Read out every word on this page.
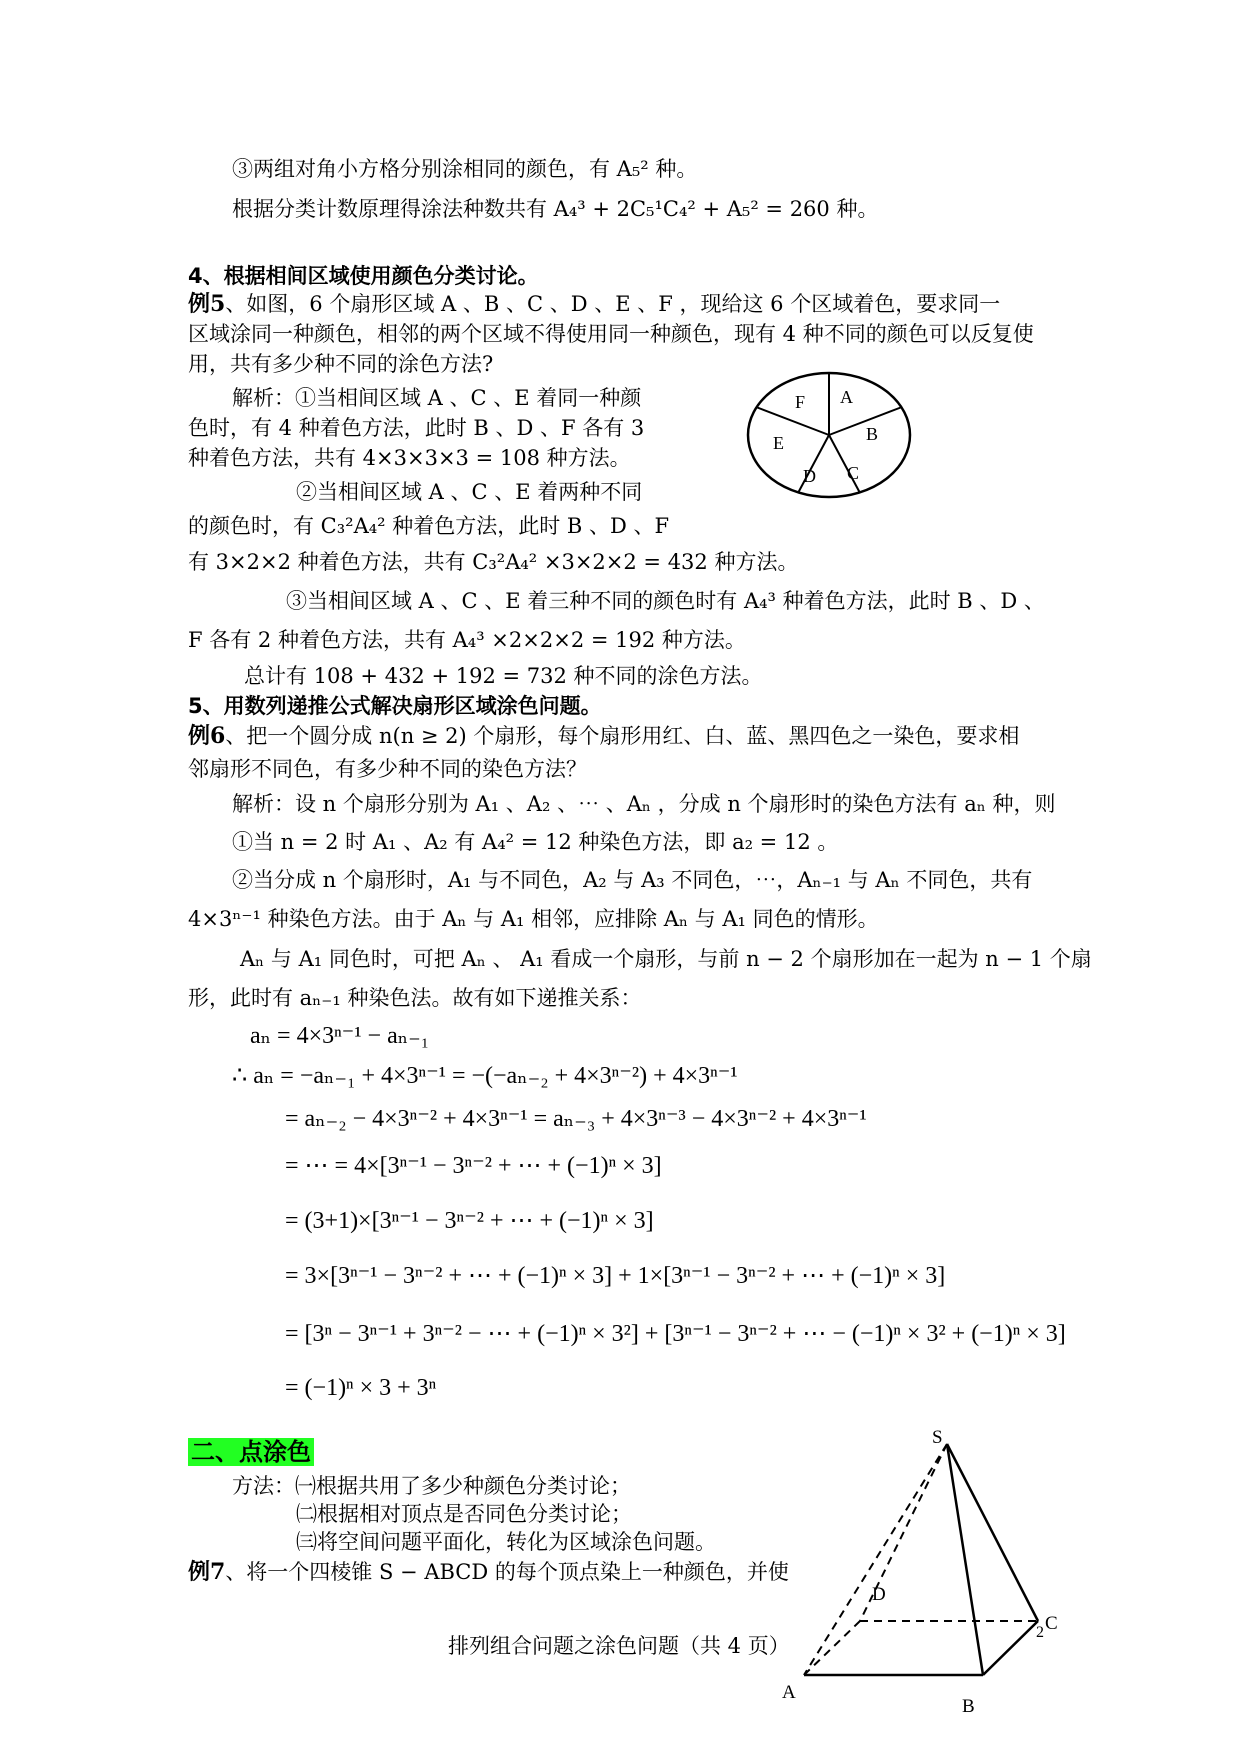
③两组对角小方格分别涂相同的颜色，有 A₅² 种。
根据分类计数原理得涂法种数共有 A₄³ + 2C₅¹C₄² + A₅² = 260 种。
4、根据相间区域使用颜色分类讨论。
例5、如图，6 个扇形区域 A 、B 、C 、D 、E 、F ，现给这 6 个区域着色，要求同一
区域涂同一种颜色，相邻的两个区域不得使用同一种颜色，现有 4 种不同的颜色可以反复使
用，共有多少种不同的涂色方法?
解析：①当相间区域 A 、C 、E 着同一种颜
色时，有 4 种着色方法，此时 B 、D 、F 各有 3
种着色方法，共有 4×3×3×3 = 108 种方法。
②当相间区域 A 、C 、E 着两种不同
的颜色时，有 C₃²A₄² 种着色方法，此时 B 、D 、F
有 3×2×2 种着色方法，共有 C₃²A₄² ×3×2×2 = 432 种方法。
③当相间区域 A 、C 、E 着三种不同的颜色时有 A₄³ 种着色方法，此时 B 、D 、
F 各有 2 种着色方法，共有 A₄³ ×2×2×2 = 192 种方法。
总计有 108 + 432 + 192 = 732 种不同的涂色方法。
5、用数列递推公式解决扇形区域涂色问题。
例6、把一个圆分成 n(n ≥ 2) 个扇形，每个扇形用红、白、蓝、黑四色之一染色，要求相
邻扇形不同色，有多少种不同的染色方法？
解析：设 n 个扇形分别为 A₁ 、A₂ 、⋯ 、Aₙ ，分成 n 个扇形时的染色方法有 aₙ 种，则
①当 n = 2 时 A₁ 、A₂ 有 A₄² = 12 种染色方法，即 a₂ = 12 。
②当分成 n 个扇形时，A₁ 与不同色，A₂ 与 A₃ 不同色，⋯，Aₙ₋₁ 与 Aₙ 不同色，共有
4×3ⁿ⁻¹ 种染色方法。由于 Aₙ 与 A₁ 相邻，应排除 Aₙ 与 A₁ 同色的情形。
Aₙ 与 A₁ 同色时，可把 Aₙ 、 A₁ 看成一个扇形，与前 n − 2 个扇形加在一起为 n − 1 个扇
形，此时有 aₙ₋₁ 种染色法。故有如下递推关系：
aₙ = 4×3ⁿ⁻¹ − aₙ₋₁
∴ aₙ = −aₙ₋₁ + 4×3ⁿ⁻¹ = −(−aₙ₋₂ + 4×3ⁿ⁻²) + 4×3ⁿ⁻¹
= aₙ₋₂ − 4×3ⁿ⁻² + 4×3ⁿ⁻¹ = aₙ₋₃ + 4×3ⁿ⁻³ − 4×3ⁿ⁻² + 4×3ⁿ⁻¹
= ⋯ = 4×[3ⁿ⁻¹ − 3ⁿ⁻² + ⋯ + (−1)ⁿ × 3]
= (3+1)×[3ⁿ⁻¹ − 3ⁿ⁻² + ⋯ + (−1)ⁿ × 3]
= 3×[3ⁿ⁻¹ − 3ⁿ⁻² + ⋯ + (−1)ⁿ × 3] + 1×[3ⁿ⁻¹ − 3ⁿ⁻² + ⋯ + (−1)ⁿ × 3]
= [3ⁿ − 3ⁿ⁻¹ + 3ⁿ⁻² − ⋯ + (−1)ⁿ × 3²] + [3ⁿ⁻¹ − 3ⁿ⁻² + ⋯ − (−1)ⁿ × 3² + (−1)ⁿ × 3]
= (−1)ⁿ × 3 + 3ⁿ
二、点涂色
方法：㈠根据共用了多少种颜色分类讨论；
㈡根据相对顶点是否同色分类讨论；
㈢将空间问题平面化，转化为区域涂色问题。
例7、将一个四棱锥 S − ABCD 的每个顶点染上一种颜色，并使
排列组合问题之涂色问题（共 4 页）
F A
B
C
D
E
S
D
C
2
A
B
